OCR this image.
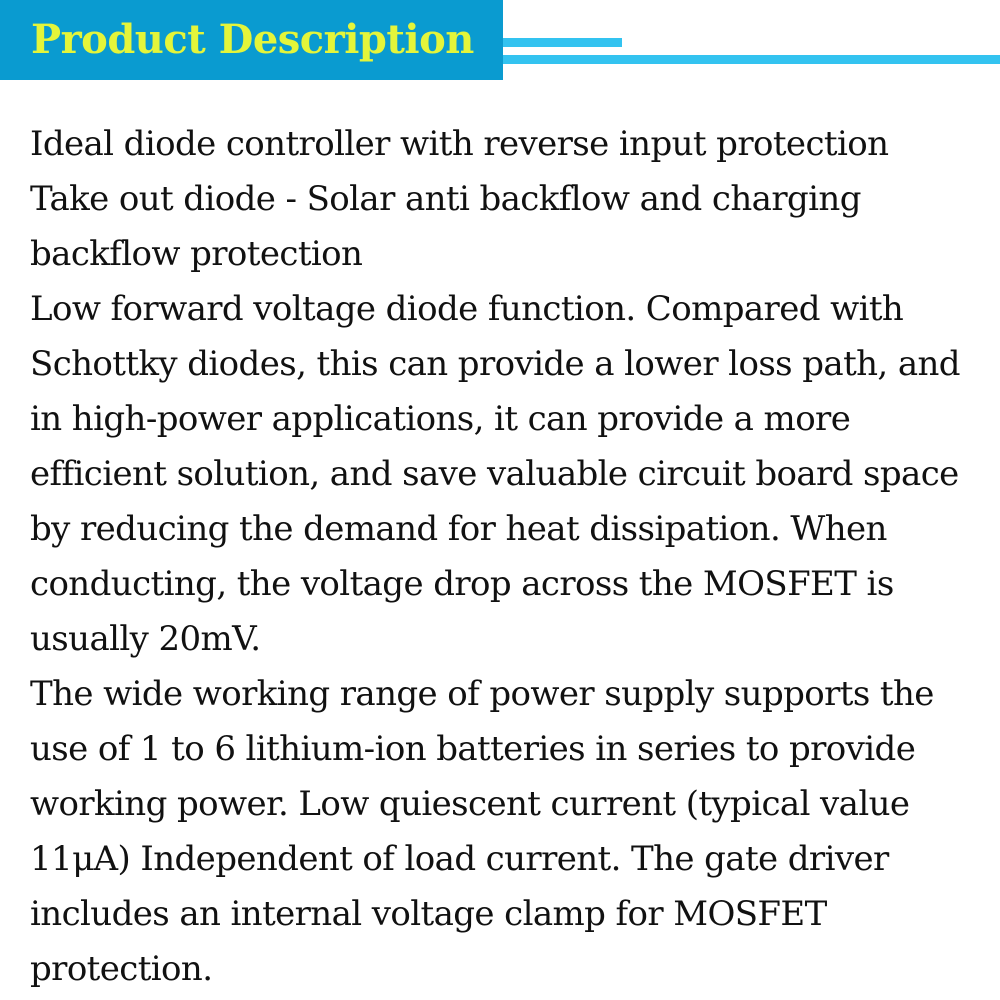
Product Description

Ideal diode controller with reverse input protection

Take out diode - Solar anti backflow and charging backflow protection

Low forward voltage diode function. Compared with Schottky diodes, this can provide a lower loss path, and in high-power applications, it can provide a more efficient solution, and save valuable circuit board space by reducing the demand for heat dissipation. When conducting, the voltage drop across the MOSFET is usually 20mV.

The wide working range of power supply supports the use of 1 to 6 lithium-ion batteries in series to provide working power. Low quiescent current (typical value 11μA) Independent of load current. The gate driver includes an internal voltage clamp for MOSFET protection.
